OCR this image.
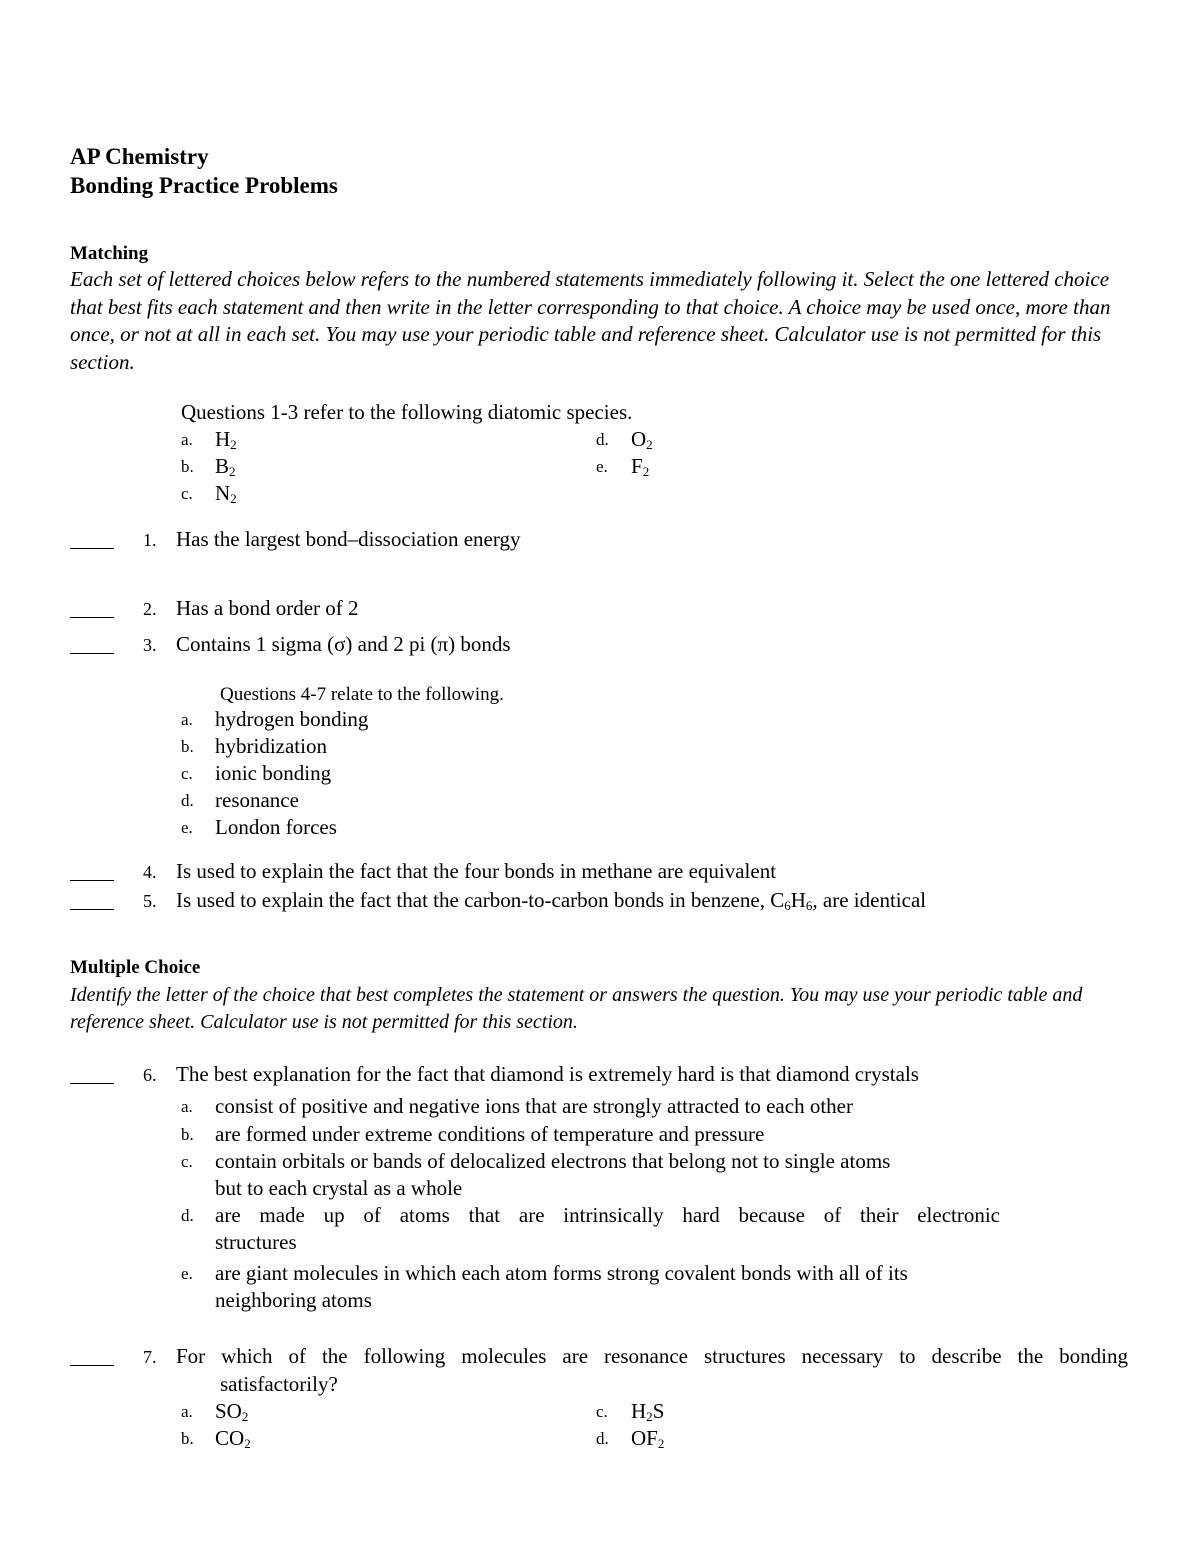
AP Chemistry
Bonding Practice Problems
Matching
Each set of lettered choices below refers to the numbered statements immediately following it. Select the one lettered choice that best fits each statement and then write in the letter corresponding to that choice. A choice may be used once, more than once, or not at all in each set. You may use your periodic table and reference sheet. Calculator use is not permitted for this section.
Questions 1-3 refer to the following diatomic species.
a. $H_2$
b. $B_2$
c. $N_2$
d. $O_2$
e. $F_2$
1. Has the largest bond–dissociation energy
2. Has a bond order of 2
3. Contains 1 sigma (σ) and 2 pi (π) bonds
Questions 4-7 relate to the following.
a. hydrogen bonding
b. hybridization
c. ionic bonding
d. resonance
e. London forces
4. Is used to explain the fact that the four bonds in methane are equivalent
5. Is used to explain the fact that the carbon-to-carbon bonds in benzene, $C_6H_6$, are identical
Multiple Choice
Identify the letter of the choice that best completes the statement or answers the question. You may use your periodic table and reference sheet. Calculator use is not permitted for this section.
6. The best explanation for the fact that diamond is extremely hard is that diamond crystals
a. consist of positive and negative ions that are strongly attracted to each other
b. are formed under extreme conditions of temperature and pressure
c. contain orbitals or bands of delocalized electrons that belong not to single atoms
but to each crystal as a whole
d. are made up of atoms that are intrinsically hard because of their electronic
structures
e. are giant molecules in which each atom forms strong covalent bonds with all of its
neighboring atoms
7. For which of the following molecules are resonance structures necessary to describe the bonding
satisfactorily?
a. $SO_2$
b. $CO_2$
c. $H_2S$
d. $OF_2$
